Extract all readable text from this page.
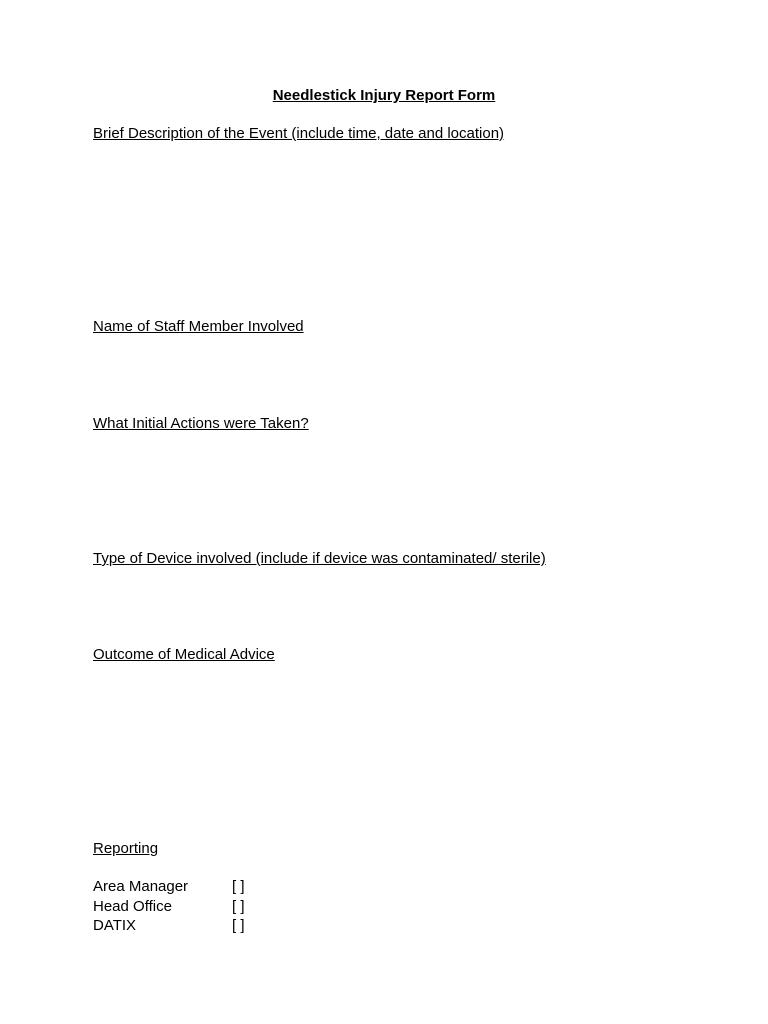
Needlestick Injury Report Form
Brief Description of the Event (include time, date and location)
Name of Staff Member Involved
What Initial Actions were Taken?
Type of Device involved (include if device was contaminated/ sterile)
Outcome of Medical Advice
Reporting
Area Manager	[ ]
Head Office	[ ]
DATIX	[ ]
